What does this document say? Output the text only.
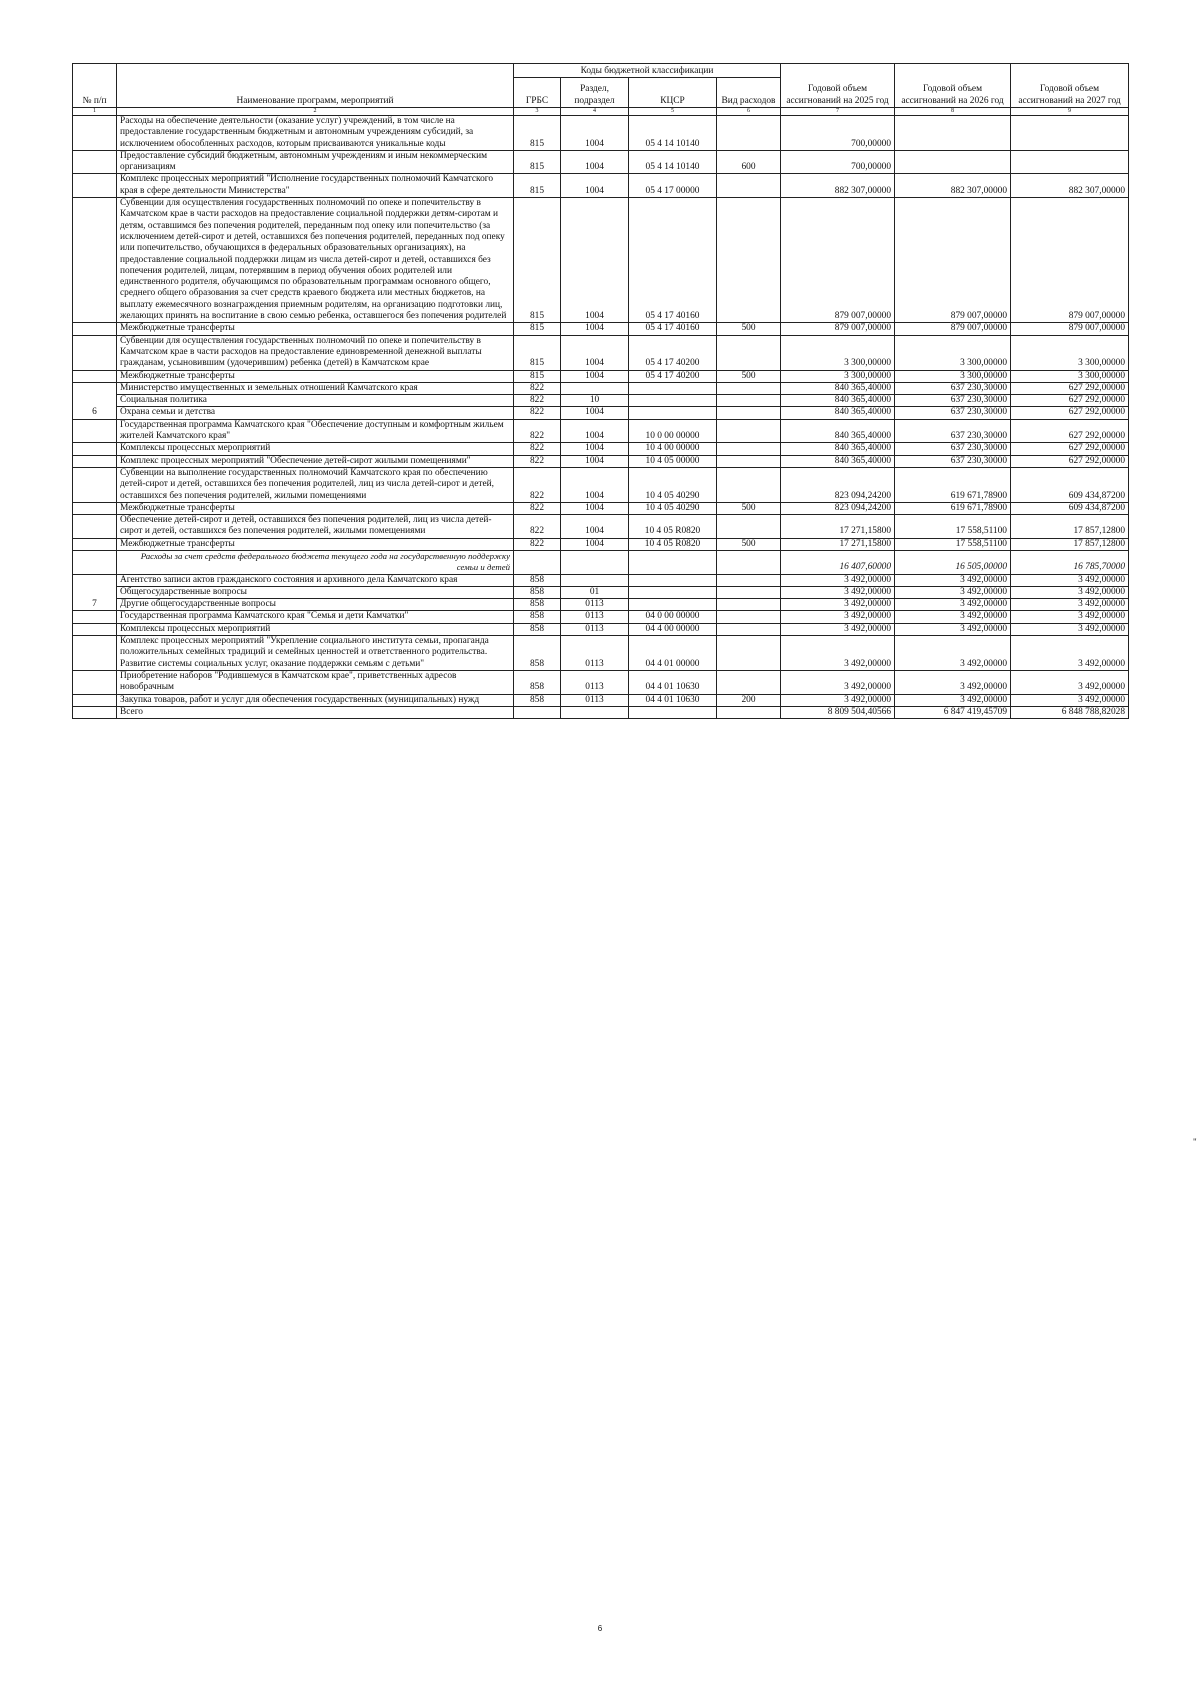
№ п/п	Наименование программ, мероприятий	Коды бюджетной классификации				Годовой объем ассигнований на 2025 год	Годовой объем ассигнований на 2026 год	Годовой объем ассигнований на 2027 год
		ГРБС	Раздел, подраздел	КЦСР	Вид расходов			
1	2	3	4	5	6	7	8	9
	Расходы на обеспечение деятельности (оказание услуг) учреждений, в том числе на предоставление государственным бюджетным и автономным учреждениям субсидий, за исключением обособленных расходов, которым присваиваются уникальные коды	815	1004	05 4 14 10140		700,00000		
	Предоставление субсидий бюджетным, автономным учреждениям и иным некоммерческим организациям	815	1004	05 4 14 10140	600	700,00000		
	Комплекс процессных мероприятий "Исполнение государственных полномочий Камчатского края в сфере деятельности Министерства"	815	1004	05 4 17 00000		882 307,00000	882 307,00000	882 307,00000
	Субвенции для осуществления государственных полномочий по опеке и попечительству в Камчатском крае в части расходов на предоставление социальной поддержки детям-сиротам и детям, оставшимся без попечения родителей, переданным под опеку или попечительство (за исключением детей-сирот и детей, оставшихся без попечения родителей, переданных под опеку или попечительство, обучающихся в федеральных образовательных организациях), на предоставление социальной поддержки лицам из числа детей-сирот и детей, оставшихся без попечения родителей, лицам, потерявшим в период обучения обоих родителей или единственного родителя, обучающимся по образовательным программам основного общего, среднего общего образования за счет средств краевого бюджета или местных бюджетов, на выплату ежемесячного вознаграждения приемным родителям, на организацию подготовки лиц, желающих принять на воспитание в свою семью ребенка, оставшегося без попечения родителей	815	1004	05 4 17 40160		879 007,00000	879 007,00000	879 007,00000
	Межбюджетные трансферты	815	1004	05 4 17 40160	500	879 007,00000	879 007,00000	879 007,00000
	Субвенции для осуществления государственных полномочий по опеке и попечительству в Камчатском крае в части расходов на предоставление единовременной денежной выплаты гражданам, усыновившим (удочерившим) ребенка (детей) в Камчатском крае	815	1004	05 4 17 40200		3 300,00000	3 300,00000	3 300,00000
	Межбюджетные трансферты	815	1004	05 4 17 40200	500	3 300,00000	3 300,00000	3 300,00000
6	Министерство имущественных и земельных отношений Камчатского края	822				840 365,40000	637 230,30000	627 292,00000
	Социальная политика	822	10			840 365,40000	637 230,30000	627 292,00000
	Охрана семьи и детства	822	1004			840 365,40000	637 230,30000	627 292,00000
	Государственная программа Камчатского края "Обеспечение доступным и комфортным жильем жителей Камчатского края"	822	1004	10 0 00 00000		840 365,40000	637 230,30000	627 292,00000
	Комплексы процессных мероприятий	822	1004	10 4 00 00000		840 365,40000	637 230,30000	627 292,00000
	Комплекс процессных мероприятий "Обеспечение детей-сирот жилыми помещениями"	822	1004	10 4 05 00000		840 365,40000	637 230,30000	627 292,00000
	Субвенции на выполнение государственных полномочий Камчатского края по обеспечению детей-сирот и детей, оставшихся без попечения родителей, лиц из числа детей-сирот и детей, оставшихся без попечения родителей, жилыми помещениями	822	1004	10 4 05 40290		823 094,24200	619 671,78900	609 434,87200
	Межбюджетные трансферты	822	1004	10 4 05 40290	500	823 094,24200	619 671,78900	609 434,87200
	Обеспечение детей-сирот и детей, оставшихся без попечения родителей, лиц из числа детей-сирот и детей, оставшихся без попечения родителей, жилыми помещениями	822	1004	10 4 05 R0820		17 271,15800	17 558,51100	17 857,12800
	Межбюджетные трансферты	822	1004	10 4 05 R0820	500	17 271,15800	17 558,51100	17 857,12800
	Расходы за счет средств федерального бюджета текущего года на государственную поддержку семьи и детей					16 407,60000	16 505,00000	16 785,70000
7	Агентство записи актов гражданского состояния и архивного дела Камчатского края	858				3 492,00000	3 492,00000	3 492,00000
	Общегосударственные вопросы	858	01			3 492,00000	3 492,00000	3 492,00000
	Другие общегосударственные вопросы	858	0113			3 492,00000	3 492,00000	3 492,00000
	Государственная программа Камчатского края "Семья и дети Камчатки"	858	0113	04 0 00 00000		3 492,00000	3 492,00000	3 492,00000
	Комплексы процессных мероприятий	858	0113	04 4 00 00000		3 492,00000	3 492,00000	3 492,00000
	Комплекс процессных мероприятий "Укрепление социального института семьи, пропаганда положительных семейных традиций и семейных ценностей и ответственного родительства. Развитие системы социальных услуг, оказание поддержки семьям с детьми"	858	0113	04 4 01 00000		3 492,00000	3 492,00000	3 492,00000
	Приобретение наборов "Родившемуся в Камчатском крае", приветственных адресов новобрачным	858	0113	04 4 01 10630		3 492,00000	3 492,00000	3 492,00000
	Закупка товаров, работ и услуг для обеспечения государственных (муниципальных) нужд	858	0113	04 4 01 10630	200	3 492,00000	3 492,00000	3 492,00000
	Всего					8 809 504,40566	6 847 419,45709	6 848 788,82028
"
6
